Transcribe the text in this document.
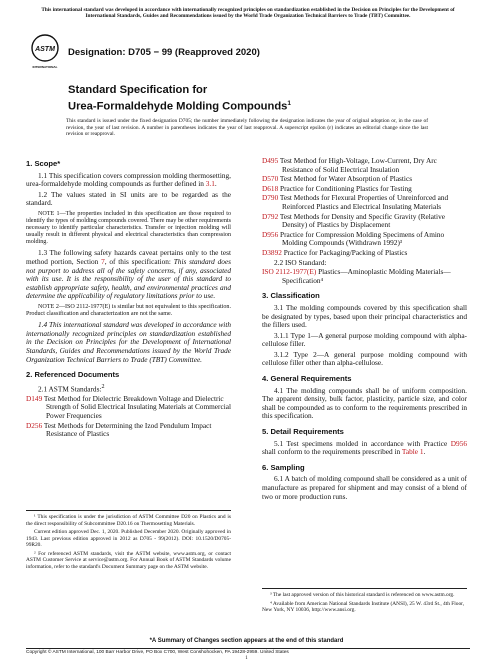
This international standard was developed in accordance with internationally recognized principles on standardization established in the Decision on Principles for the Development of International Standards, Guides and Recommendations issued by the World Trade Organization Technical Barriers to Trade (TBT) Committee.
ASTM
INTERNATIONAL
Designation: D705 − 99 (Reapproved 2020)
Standard Specification for
Urea-Formaldehyde Molding Compounds$^1$
This standard is issued under the fixed designation D705; the number immediately following the designation indicates the year of original adoption or, in the case of revision, the year of last revision. A number in parentheses indicates the year of last reapproval. A superscript epsilon (ε) indicates an editorial change since the last revision or reapproval.
1. Scope*

1.1 This specification covers compression molding thermosetting, urea-formaldehyde molding compounds as further defined in 3.1.

1.2 The values stated in SI units are to be regarded as the standard.

NOTE 1—The properties included in this specification are those required to identify the types of molding compounds covered. There may be other requirements necessary to identify particular characteristics. Transfer or injection molding will usually result in different physical and electrical characteristics than compression molding.

1.3 The following safety hazards caveat pertains only to the test method portion, Section 7, of this specification: This standard does not purport to address all of the safety concerns, if any, associated with its use. It is the responsibility of the user of this standard to establish appropriate safety, health, and environmental practices and determine the applicability of regulatory limitations prior to use.

NOTE 2—ISO 2112-1977(E) is similar but not equivalent to this specification. Product classification and characterization are not the same.

1.4 This international standard was developed in accordance with internationally recognized principles on standardization established in the Decision on Principles for the Development of International Standards, Guides and Recommendations issued by the World Trade Organization Technical Barriers to Trade (TBT) Committee.

2. Referenced Documents
2.1 ASTM Standards:$^2$
D149 Test Method for Dielectric Breakdown Voltage and Dielectric Strength of Solid Electrical Insulating Materials at Commercial Power Frequencies
D256 Test Methods for Determining the Izod Pendulum Impact Resistance of Plastics
D495 Test Method for High-Voltage, Low-Current, Dry Arc Resistance of Solid Electrical Insulation
D570 Test Method for Water Absorption of Plastics
D618 Practice for Conditioning Plastics for Testing
D790 Test Methods for Flexural Properties of Unreinforced and Reinforced Plastics and Electrical Insulating Materials
D792 Test Methods for Density and Specific Gravity (Relative Density) of Plastics by Displacement
D956 Practice for Compression Molding Specimens of Amino Molding Compounds (Withdrawn 1992)³
D3892 Practice for Packaging/Packing of Plastics
2.2 ISO Standard:
ISO 2112-1977(E) Plastics—Aminoplastic Molding Materials—Specification⁴
3. Classification

3.1 The molding compounds covered by this specification shall be designated by types, based upon their principal characteristics and the fillers used.

3.1.1 Type 1—A general purpose molding compound with alpha-cellulose filler.

3.1.2 Type 2—A general purpose molding compound with cellulose filler other than alpha-cellulose.

4. General Requirements

4.1 The molding compounds shall be of uniform composition. The apparent density, bulk factor, plasticity, particle size, and color shall be compounded as to conform to the requirements prescribed in this specification.

5. Detail Requirements

5.1 Test specimens molded in accordance with Practice D956 shall conform to the requirements prescribed in Table 1.

6. Sampling

6.1 A batch of molding compound shall be considered as a unit of manufacture as prepared for shipment and may consist of a blend of two or more production runs.

¹ This specification is under the jurisdiction of ASTM Committee D20 on Plastics and is the direct responsibility of Subcommittee D20.16 on Thermosetting Materials.

Current edition approved Dec. 1, 2020. Published December 2020. Originally approved in 1943. Last previous edition approved in 2012 as D705 - 99(2012). DOI: 10.1520/D0705-99R20.

² For referenced ASTM standards, visit the ASTM website, www.astm.org, or contact ASTM Customer Service at service@astm.org. For Annual Book of ASTM Standards volume information, refer to the standard's Document Summary page on the ASTM website.

³ The last approved version of this historical standard is referenced on www.astm.org.

⁴ Available from American National Standards Institute (ANSI), 25 W. 43rd St., 4th Floor, New York, NY 10036, http://www.ansi.org.

*A Summary of Changes section appears at the end of this standard
Copyright © ASTM International, 100 Barr Harbor Drive, PO Box C700, West Conshohocken, PA 19428-2959. United States
1
